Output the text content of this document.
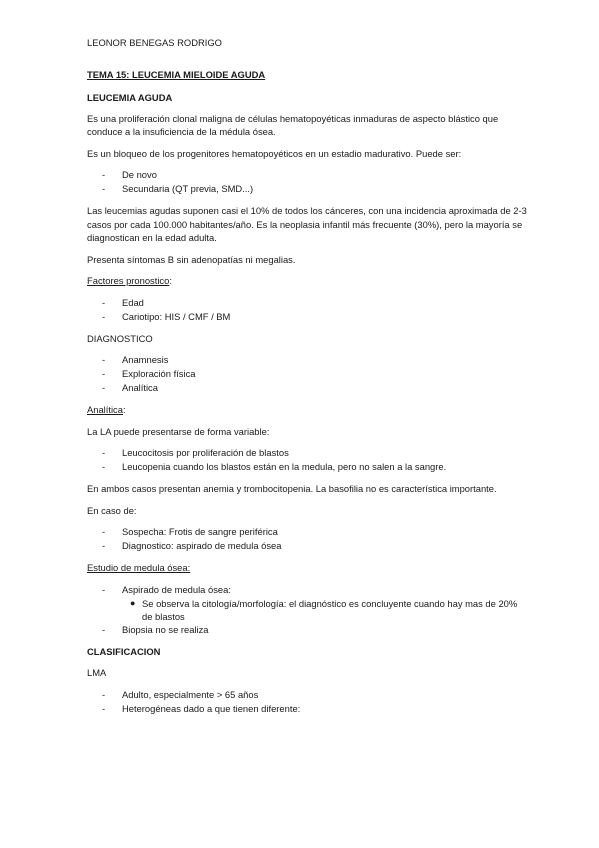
LEONOR BENEGAS RODRIGO

TEMA 15: LEUCEMIA MIELOIDE AGUDA

LEUCEMIA AGUDA

Es una proliferación clonal maligna de células hematopoyéticas inmaduras de aspecto blástico que conduce a la insuficiencia de la médula ósea.

Es un bloqueo de los progenitores hematopoyéticos en un estadio madurativo. Puede ser:

- De novo
- Secundaria (QT previa, SMD...)

Las leucemias agudas suponen casi el 10% de todos los cánceres, con una incidencia aproximada de 2-3 casos por cada 100.000 habitantes/año. Es la neoplasia infantil más frecuente (30%), pero la mayoría se diagnostican en la edad adulta.

Presenta síntomas B sin adenopatías ni megalias.

Factores pronostico:

- Edad
- Cariotipo: HIS / CMF / BM

DIAGNOSTICO

- Anamnesis
- Exploración física
- Analítica

Analítica:

La LA puede presentarse de forma variable:

- Leucocitosis por proliferación de blastos
- Leucopenia cuando los blastos están en la medula, pero no salen a la sangre.

En ambos casos presentan anemia y trombocitopenia. La basofilia no es característica importante.

En caso de:

- Sospecha: Frotis de sangre periférica
- Diagnostico: aspirado de medula ósea

Estudio de medula ósea:

- Aspirado de medula ósea:
● Se observa la citología/morfología: el diagnóstico es concluyente cuando hay mas de 20% de blastos
- Biopsia no se realiza

CLASIFICACION

LMA

- Adulto, especialmente > 65 años
- Heterogéneas dado a que tienen diferente:
